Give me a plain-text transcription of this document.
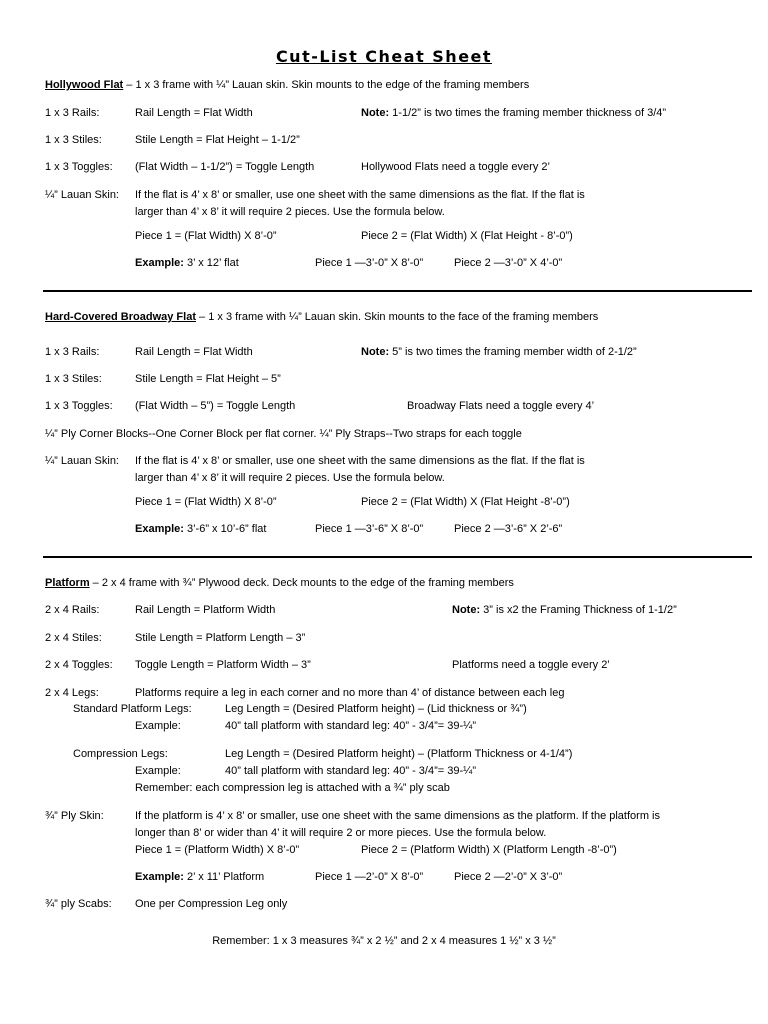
Cut-List Cheat Sheet
Hollywood Flat – 1 x 3 frame with ¼” Lauan skin. Skin mounts to the edge of the framing members
1 x 3 Rails:	Rail Length = Flat Width	Note: 1-1/2” is two times the framing member thickness of 3/4”
1 x 3 Stiles:	Stile Length = Flat Height – 1-1/2”
1 x 3 Toggles: (Flat Width – 1-1/2”) = Toggle Length	Hollywood Flats need a toggle every 2’
¼” Lauan Skin: If the flat is 4’ x 8’ or smaller, use one sheet with the same dimensions as the flat. If the flat is
larger than 4’ x 8’ it will require 2 pieces. Use the formula below.
Piece 1 = (Flat Width) X 8’-0”	Piece 2 = (Flat Width) X (Flat Height - 8’-0”)
Example: 3’ x 12’ flat	Piece 1 —3’-0” X 8’-0”	Piece 2 —3’-0” X 4’-0”
Hard-Covered Broadway Flat – 1 x 3 frame with ¼” Lauan skin. Skin mounts to the face of the framing members
1 x 3 Rails:	Rail Length = Flat Width	Note: 5” is two times the framing member width of 2-1/2”
1 x 3 Stiles:	Stile Length = Flat Height – 5”
1 x 3 Toggles: (Flat Width – 5”) = Toggle Length	Broadway Flats need a toggle every 4’
¼” Ply Corner Blocks--One Corner Block per flat corner. ¼” Ply Straps--Two straps for each toggle
¼” Lauan Skin: If the flat is 4’ x 8’ or smaller, use one sheet with the same dimensions as the flat. If the flat is
larger than 4’ x 8’ it will require 2 pieces. Use the formula below.
Piece 1 = (Flat Width) X 8’-0”	Piece 2 = (Flat Width) X (Flat Height -8’-0”)
Example: 3’-6” x 10’-6” flat	Piece 1 —3’-6” X 8’-0”	Piece 2 —3’-6” X 2’-6”
Platform – 2 x 4 frame with ¾” Plywood deck. Deck mounts to the edge of the framing members
2 x 4 Rails:	Rail Length = Platform Width	Note: 3” is x2 the Framing Thickness of 1-1/2”
2 x 4 Stiles:	Stile Length = Platform Length – 3”
2 x 4 Toggles: Toggle Length = Platform Width – 3”	Platforms need a toggle every 2’
2 x 4 Legs:	Platforms require a leg in each corner and no more than 4’ of distance between each leg
Standard Platform Legs:	Leg Length = (Desired Platform height) – (Lid thickness or ¾”)
Example:	40” tall platform with standard leg: 40” - 3/4”= 39-¼”
Compression Legs:	Leg Length = (Desired Platform height) – (Platform Thickness or 4-1/4”)
Example:	40” tall platform with standard leg: 40” - 3/4”= 39-¼”
Remember: each compression leg is attached with a ¾” ply scab
¾” Ply Skin:	If the platform is 4’ x 8’ or smaller, use one sheet with the same dimensions as the platform. If the platform is
longer than 8’ or wider than 4’ it will require 2 or more pieces. Use the formula below.
Piece 1 = (Platform Width) X 8’-0”	Piece 2 = (Platform Width) X (Platform Length -8’-0”)
Example: 2’ x 11’ Platform	Piece 1 —2’-0” X 8’-0”	Piece 2 —2’-0” X 3’-0”
¾” ply Scabs: One per Compression Leg only
Remember: 1 x 3 measures ¾” x 2 ½” and 2 x 4 measures 1 ½” x 3 ½”
